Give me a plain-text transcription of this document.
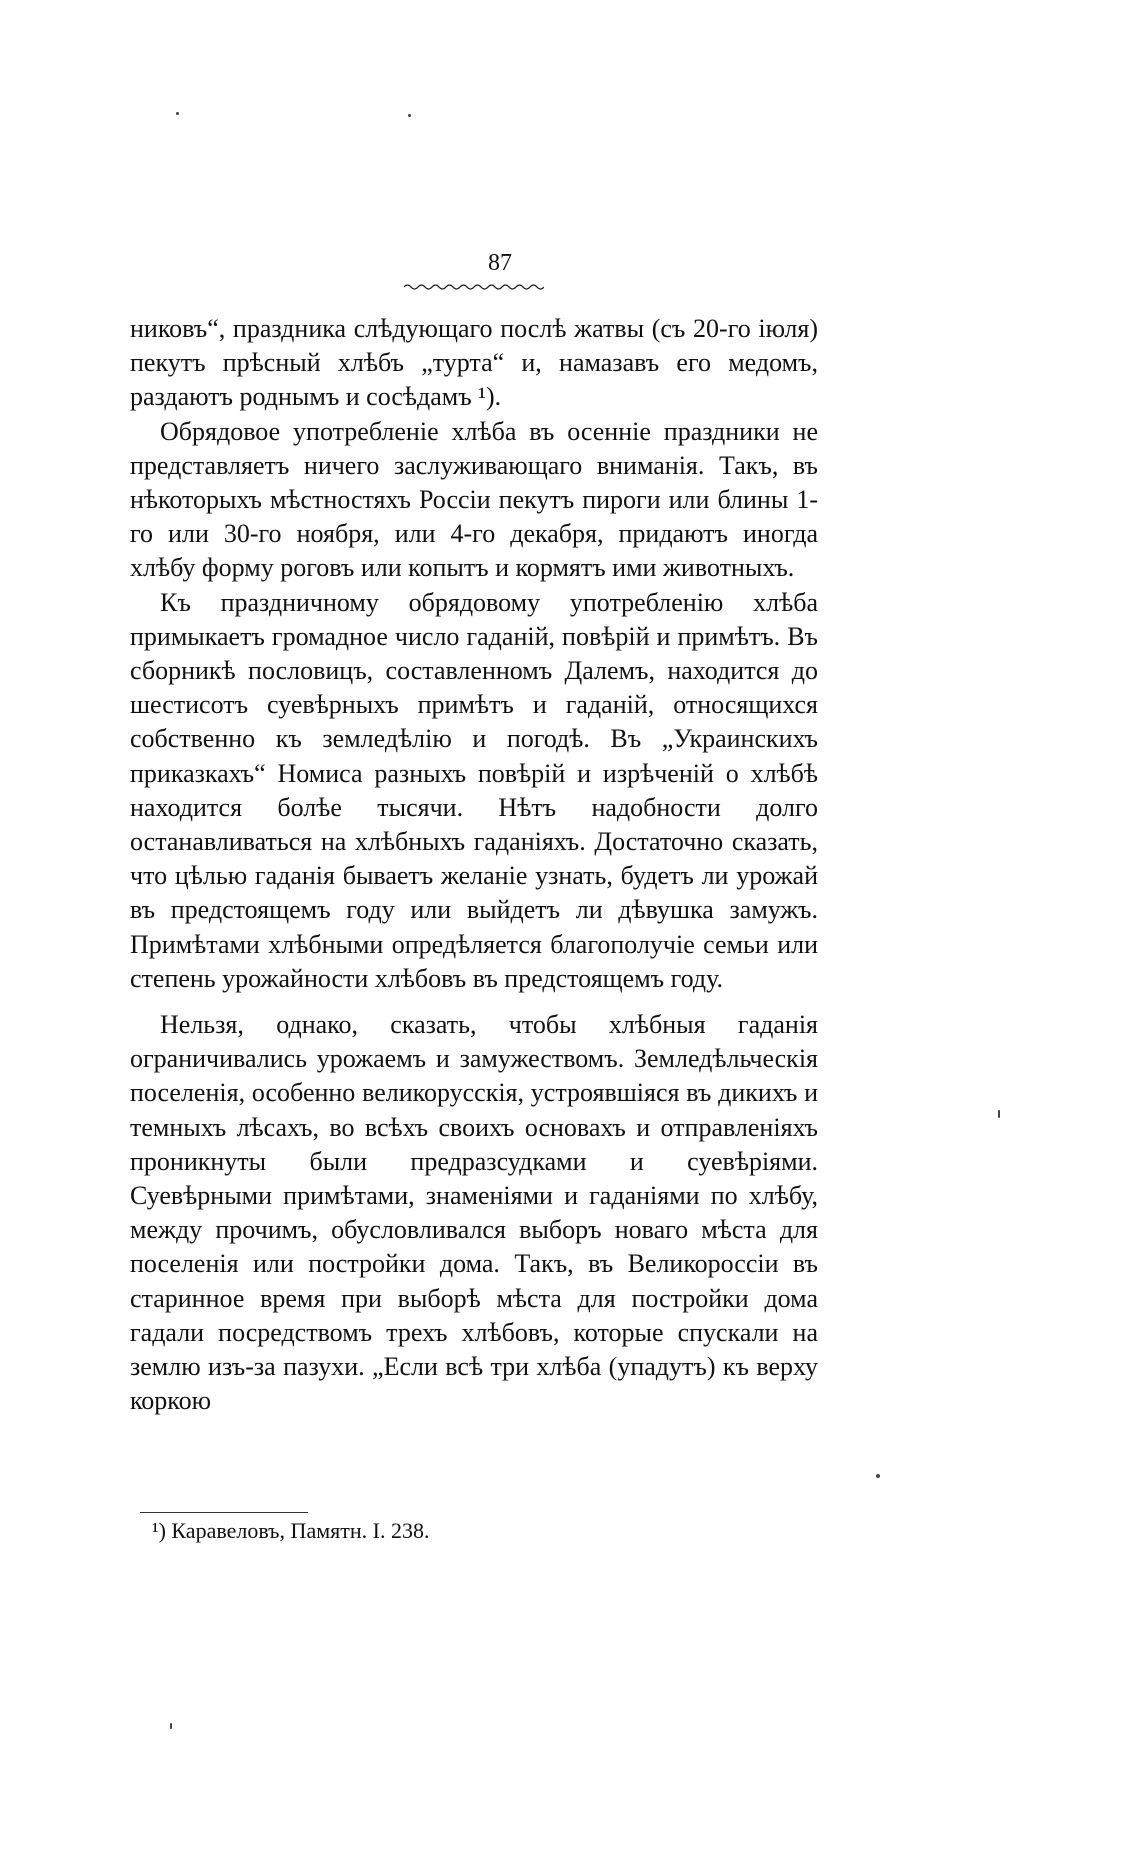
87

никовъ“, праздника слѣдующаго послѣ жатвы (съ 20-го іюля) пекутъ прѣсный хлѣбъ „турта“ и, намазавъ его медомъ, раздаютъ роднымъ и сосѣдамъ ¹).

Обрядовое употребленіе хлѣба въ осенніе праздники не представляетъ ничего заслуживающаго вниманія. Такъ, въ нѣкоторыхъ мѣстностяхъ Россіи пекутъ пироги или блины 1-го или 30-го ноября, или 4-го декабря, придаютъ иногда хлѣбу форму роговъ или копытъ и кормятъ ими животныхъ.

Къ праздничному обрядовому употребленію хлѣба примыкаетъ громадное число гаданій, повѣрій и примѣтъ. Въ сборникѣ пословицъ, составленномъ Далемъ, находится до шестисотъ суевѣрныхъ примѣтъ и гаданій, относящихся собственно къ земледѣлію и погодѣ. Въ „Украинскихъ приказкахъ“ Номиса разныхъ повѣрій и изрѣченій о хлѣбѣ находится болѣе тысячи. Нѣтъ надобности долго останавливаться на хлѣбныхъ гаданіяхъ. Достаточно сказать, что цѣлью гаданія бываетъ желаніе узнать, будетъ ли урожай въ предстоящемъ году или выйдетъ ли дѣвушка замужъ. Примѣтами хлѣбными опредѣляется благополучіе семьи или степень урожайности хлѣбовъ въ предстоящемъ году.

Нельзя, однако, сказать, чтобы хлѣбныя гаданія ограничивались урожаемъ и замужествомъ. Земледѣльческія поселенія, особенно великорусскія, устроявшіяся въ дикихъ и темныхъ лѣсахъ, во всѣхъ своихъ основахъ и отправленіяхъ проникнуты были предразсудками и суевѣріями. Суевѣрными примѣтами, знаменіями и гаданіями по хлѣбу, между прочимъ, обусловливался выборъ новаго мѣста для поселенія или постройки дома. Такъ, въ Великороссіи въ старинное время при выборѣ мѣста для постройки дома гадали посредствомъ трехъ хлѣбовъ, которые спускали на землю изъ-за пазухи. „Если всѣ три хлѣба (упадутъ) къ верху коркою

¹) Каравеловъ, Памятн. І. 238.
